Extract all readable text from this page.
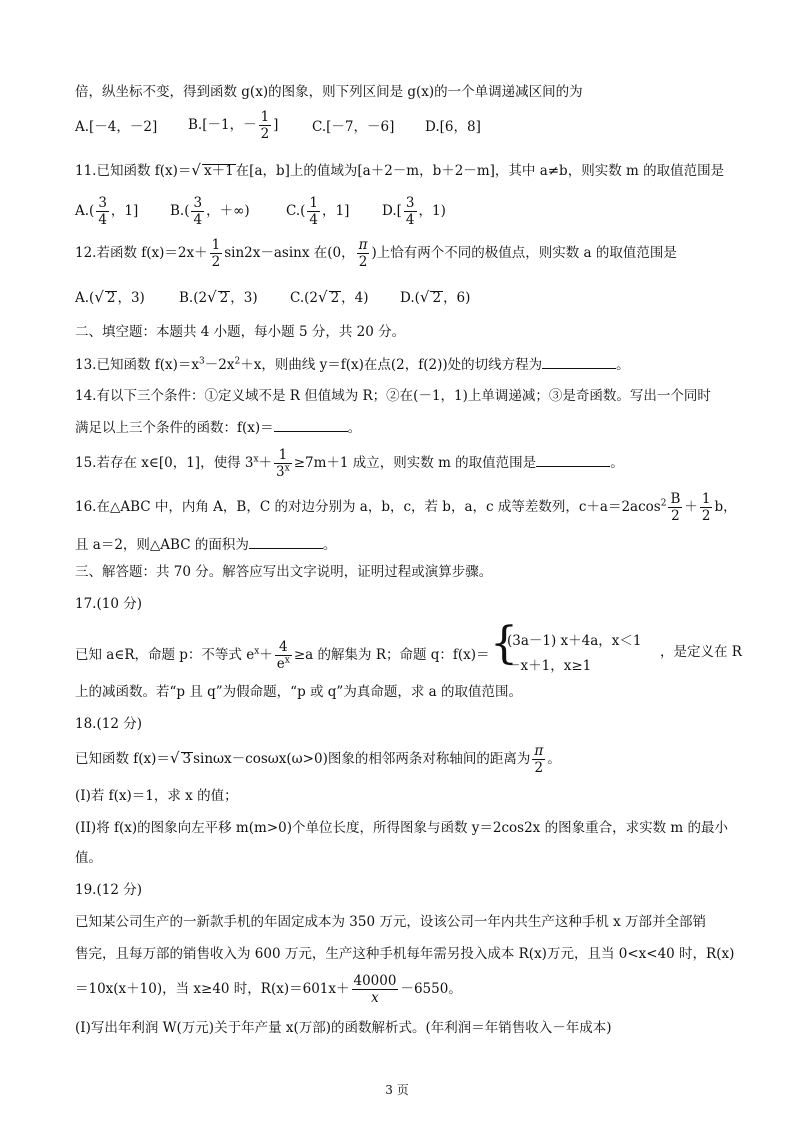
倍，纵坐标不变，得到函数 g(x)的图象，则下列区间是 g(x)的一个单调递减区间的为
A.[－4，－2] B.[－1，－ $\frac{1}{2}$ ] C.[－7，－6] D.[6，8]
11.已知函数 f(x)＝√ x＋1 在[a，b]上的值域为[a＋2－m，b＋2－m]，其中 a≠b，则实数 m 的取值范围是
$A.( \frac{3}{4}$ ，1] $B.( \frac{3}{4}$ ，＋∞)	$C.( \frac{1}{4}$ ，1] $D.[ \frac{3}{4}$ ，1)
12.若函数 $f(x)=2x+ \frac{1}{2} \sin 2x-asinx$ 在(0， $\frac{\pi}{2}$ )上恰有两个不同的极值点，则实数 a 的取值范围是
A.(√ 2 ，3)	B.(2√ 2 ，3) C.(2√ 2 ，4) D.(√ 2 ，6)
二、填空题：本题共 4 小题，每小题 5 分，共 20 分。
13.已知函数 $f(x)=x^3-2x^2+x$，则曲线 y＝f(x)在点(2，f(2))处的切线方程为	。
14.有以下三个条件：①定义域不是 R 但值域为 R；②在(－1，1)上单调递减；③是奇函数。写出一个同时
满足以上三个条件的函数：f(x)＝	。
15.若存在 x∈[0，1]，使得 $3^x+ \frac{1}{3^x} \ge 7m+1$ 成立，则实数 m 的取值范围是	。
16.在△ABC 中，内角 A，B，C 的对边分别为 a，b，c，若 b，a，c 成等差数列，$c+a=2acos^2 \frac{B}{2} + \frac{1}{2}$ b，
且 a＝2，则△ABC 的面积为	。
三、解答题：共 70 分。解答应写出文字说明，证明过程或演算步骤。
17.(10 分)
已知 a∈R，命题 p：不等式 $e^x+ \frac{4}{e^x} \ge a$ 的解集为 R；命题 q：f(x)＝ {
(3a－1) x＋4a，x＜1
－x＋1，x≥1
，是定义在 R
上的减函数。若“p 且 q”为假命题，“p 或 q”为真命题，求 a 的取值范围。
18.(12 分)
已知函数 f(x)＝√ 3 sinωx－cosωx(ω>0)图象的相邻两条对称轴间的距离为 $\frac{\pi}{2}$ 。
(I)若 f(x)＝1，求 x 的值；
(II)将 f(x)的图象向左平移 m(m>0)个单位长度，所得图象与函数 y＝2cos2x 的图象重合，求实数 m 的最小
值。
19.(12 分)
已知某公司生产的一新款手机的年固定成本为 350 万元，设该公司一年内共生产这种手机 x 万部并全部销
售完，且每万部的销售收入为 600 万元，生产这种手机每年需另投入成本 R(x)万元，且当 0<x<40 时，R(x)
＝10x(x＋10)，当 x≥40 时，$R(x)=601x+ \frac{40000}{x} -6550$。
(I)写出年利润 W(万元)关于年产量 x(万部)的函数解析式。(年利润＝年销售收入－年成本)
3 页
